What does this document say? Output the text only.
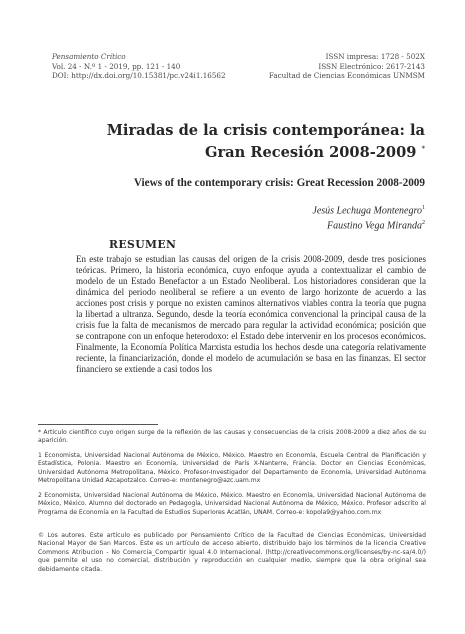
Pensamiento Crítico
Vol. 24 - N.º 1 - 2019, pp. 121 - 140
DOI: http://dx.doi.org/10.15381/pc.v24i1.16562
ISSN impresa: 1728 - 502X
ISSN Electrónico: 2617-2143
Facultad de Ciencias Económicas UNMSM
Miradas de la crisis contemporánea: la
Gran Recesión 2008-2009 *
Views of the contemporary crisis: Great Recession 2008-2009
Jesús Lechuga Montenegro$^1$
Faustino Vega Miranda$^2$
RESUMEN

En este trabajo se estudian las causas del origen de la crisis 2008-2009, desde tres posiciones teóricas. Primero, la historia económica, cuyo enfoque ayuda a contextualizar el cambio de modelo de un Estado Benefactor a un Estado Neoliberal. Los historiadores consideran que la dinámica del periodo neoliberal se refiere a un evento de largo horizonte de acuerdo a las acciones post crisis y porque no existen caminos alternativos viables contra la teoría que pugna la libertad a ultranza. Segundo, desde la teoría económica convencional la principal causa de la crisis fue la falta de mecanismos de mercado para regular la actividad económica; posición que se contrapone con un enfoque heterodoxo: el Estado debe intervenir en los procesos económicos. Finalmente, la Economía Política Marxista estudia los hechos desde una categoría relativamente reciente, la financiarización, donde el modelo de acumulación se basa en las finanzas. El sector financiero se extiende a casi todos los

* Artículo científico cuyo origen surge de la reflexión de las causas y consecuencias de la crisis 2008-2009 a diez años de su aparición.

1 Economista, Universidad Nacional Autónoma de México, México. Maestro en Economía, Escuela Central de Planificación y Estadística, Polonia. Maestro en Economía, Universidad de París X-Nanterre, Francia. Doctor en Ciencias Económicas, Universidad Autónoma Metropolitana, México. Profesor-Investigador del Departamento de Economía, Universidad Autónoma Metropolitana Unidad Azcapotzalco. Correo-e: montenegro@azc.uam.mx

2 Economista, Universidad Nacional Autónoma de México, México. Maestro en Economía, Universidad Nacional Autónoma de México, México. Alumno del doctorado en Pedagogía, Universidad Nacional Autónoma de México, México. Profesor adscrito al Programa de Economía en la Facultad de Estudios Superiores Acatlán, UNAM. Correo-e: kopola9@yahoo.com.mx

© Los autores. Este artículo es publicado por Pensamiento Crítico de la Facultad de Ciencias Económicas, Universidad Nacional Mayor de San Marcos. Este es un artículo de acceso abierto, distribuido bajo los términos de la licencia Creative Commons Atribucion - No Comercia_Compartir Igual 4.0 Internacional. (http://creativecommons.org/licenses/by-nc-sa/4.0/) que permite el uso no comercial, distribución y reproducción en cualquier medio, siempre que la obra original sea debidamente citada.
